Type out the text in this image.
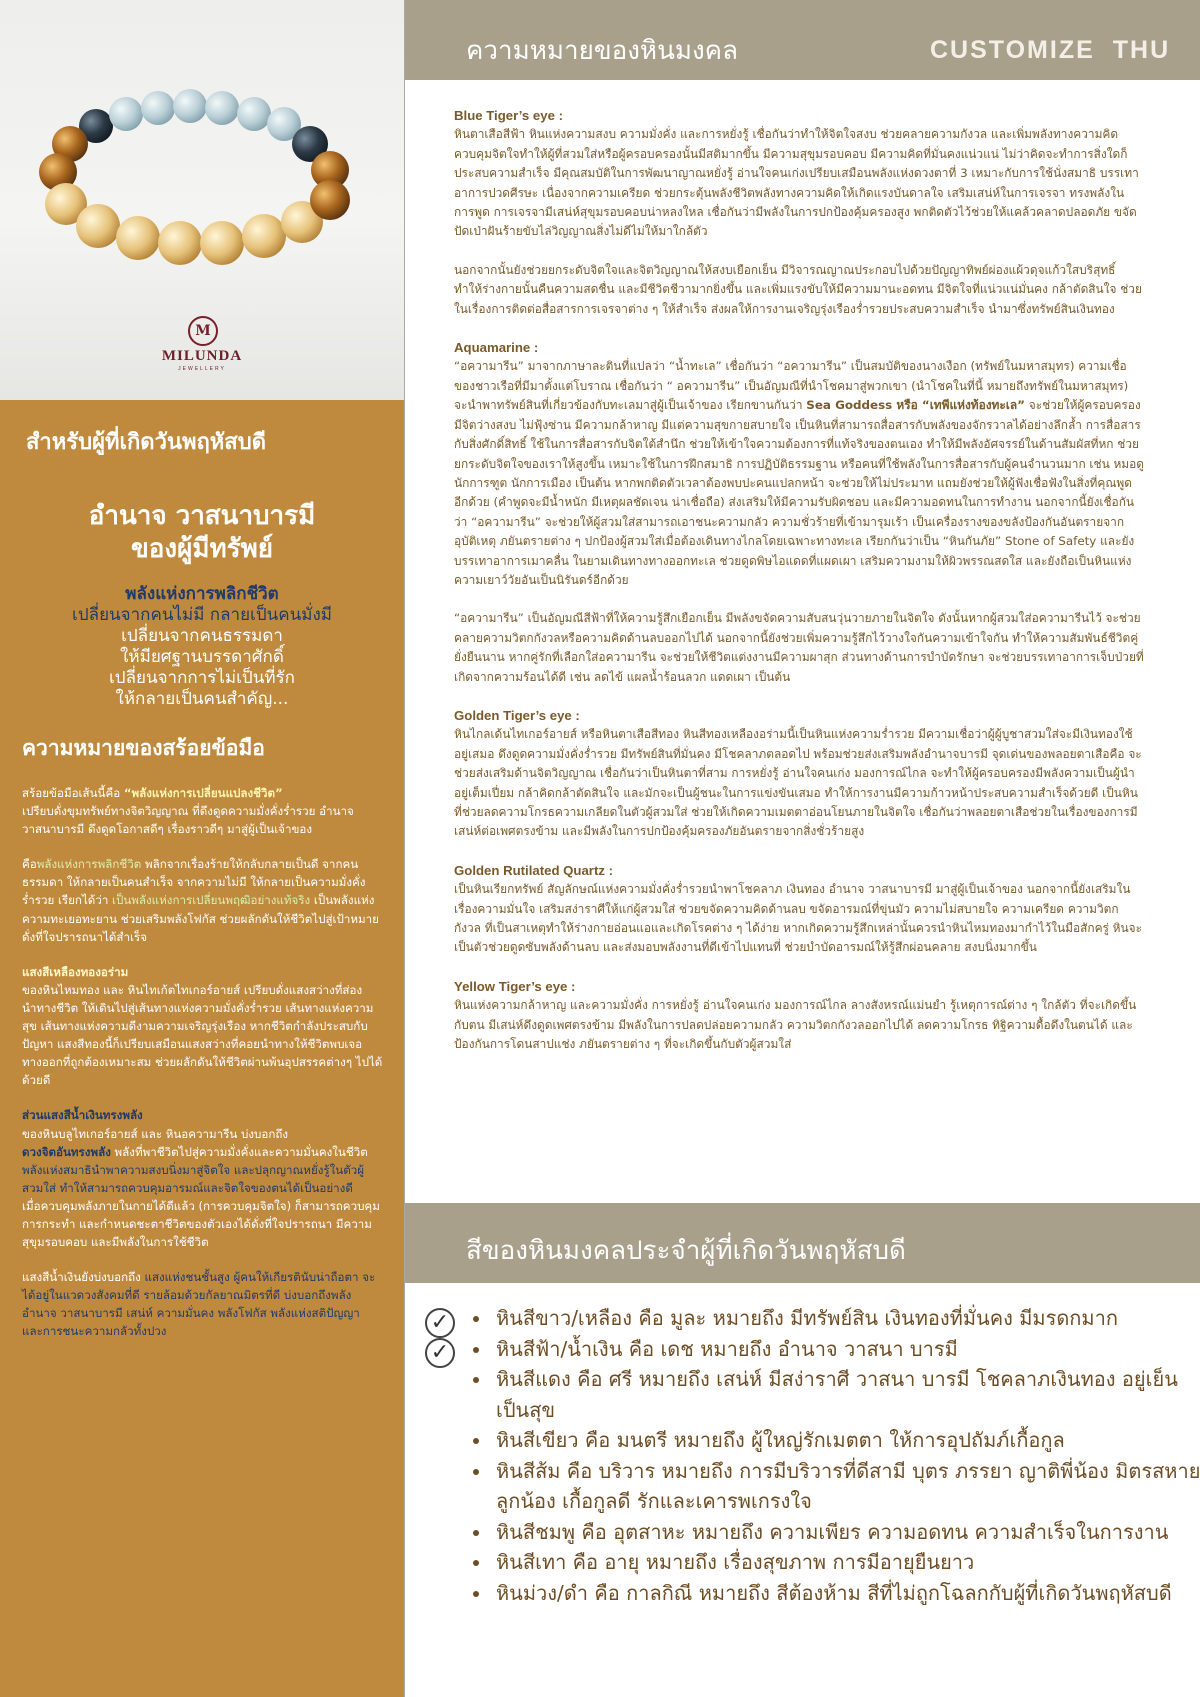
M
MILUNDA
JEWELLERY
สำหรับผู้ที่เกิดวันพฤหัสบดี
อำนาจ วาสนาบารมี
ของผู้มีทรัพย์
พลังแห่งการพลิกชีวิต
เปลี่ยนจากคนไม่มี กลายเป็นคนมั่งมี
เปลี่ยนจากคนธรรมดา
ให้มียศฐานบรรดาศักดิ์
เปลี่ยนจากการไม่เป็นที่รัก
ให้กลายเป็นคนสำคัญ...
ความหมายของสร้อยข้อมือ

สร้อยข้อมือเส้นนี้คือ “พลังแห่งการเปลี่ยนแปลงชีวิต”
เปรียบดั่งขุมทรัพย์ทางจิตวิญญาณ ที่ดึงดูดความมั่งคั่งร่ำรวย อำนาจ วาสนาบารมี ดึงดูดโอกาสดีๆ เรื่องราวดีๆ มาสู่ผู้เป็นเจ้าของ

คือพลังแห่งการพลิกชีวิต พลิกจากเรื่องร้ายให้กลับกลายเป็นดี จากคนธรรมดา ให้กลายเป็นคนสำเร็จ จากความไม่มี ให้กลายเป็นความมั่งคั่งร่ำรวย เรียกได้ว่า เป็นพลังแห่งการเปลี่ยนพฤฒิอย่างแท้จริง เป็นพลังแห่งความทะเยอทะยาน ช่วยเสริมพลังโฟกัส ช่วยผลักดันให้ชีวิตไปสู่เป้าหมายดั่งที่ใจปรารถนาได้สำเร็จ

แสงสีเหลืองทองอร่าม
ของหินไหมทอง และ หินไทเก้ตไทเกอร์อายส์ เปรียบดั่งแสงสว่างที่ส่องนำทางชีวิต ให้เดินไปสู่เส้นทางแห่งความมั่งคั่งร่ำรวย เส้นทางแห่งความสุข เส้นทางแห่งความดีงามความเจริญรุ่งเรือง หากชีวิตกำลังประสบกับปัญหา แสงสีทองนี้ก็เปรียบเสมือนแสงสว่างที่คอยนำทางให้ชีวิตพบเจอทางออกที่ถูกต้องเหมาะสม ช่วยผลักดันให้ชีวิตผ่านพ้นอุปสรรคต่างๆ ไปได้ด้วยดี

ส่วนแสงสีน้ำเงินทรงพลัง
ของหินบลูไทเกอร์อายส์ และ หินอความารีน บ่งบอกถึง
ดวงจิตอันทรงพลัง พลังที่พาชีวิตไปสู่ความมั่งคั่งและความมั่นคงในชีวิต พลังแห่งสมาธินำพาความสงบนิ่งมาสู่จิตใจ และปลุกญาณหยั่งรู้ในตัวผู้สวมใส่ ทำให้สามารถควบคุมอารมณ์และจิตใจของตนได้เป็นอย่างดี
เมื่อควบคุมพลังภายในกายได้ดีแล้ว (การควบคุมจิตใจ) ก็สามารถควบคุมการกระทำ และกำหนดชะตาชีวิตของตัวเองได้ดั่งที่ใจปรารถนา มีความสุขุมรอบคอบ และมีพลังในการใช้ชีวิต

แสงสีน้ำเงินยังบ่งบอกถึง แสงแห่งชนชั้นสูง ผู้คนให้เกียรตินับน่าถือตา จะได้อยู่ในแวดวงสังคมที่ดี รายล้อมด้วยกัลยาณมิตรที่ดี บ่งบอกถึงพลังอำนาจ วาสนาบารมี เสน่ห์ ความมั่นคง พลังโฟกัส พลังแห่งสติปัญญา และการชนะความกลัวทั้งปวง

ความหมายของหินมงคล	CUSTOMIZE THU
Blue Tiger’s eye :

หินตาเสือสีฟ้า หินแห่งความสงบ ความมั่งคั่ง และการหยั่งรู้ เชื่อกันว่าทำให้จิตใจสงบ ช่วยคลายความกังวล และเพิ่มพลังทางความคิด ควบคุมจิตใจทำให้ผู้ที่สวมใส่หรือผู้ครอบครองนั้นมีสติมากขึ้น มีความสุขุมรอบคอบ มีความคิดที่มั่นคงแน่วแน่ ไม่ว่าคิดจะทำการสิ่งใดก็ประสบความสำเร็จ มีคุณสมบัติในการพัฒนาญาณหยั่งรู้ อ่านใจคนเก่งเปรียบเสมือนพลังแห่งดวงตาที่ 3 เหมาะกับการใช้นั่งสมาธิ บรรเทาอาการปวดศีรษะ เนื่องจากความเครียด ช่วยกระตุ้นพลังชีวิตพลังทางความคิดให้เกิดแรงบันดาลใจ เสริมเสน่ห์ในการเจรจา ทรงพลังในการพูด การเจรจามีเสน่ห์สุขุมรอบคอบน่าหลงใหล เชื่อกันว่ามีพลังในการปกป้องคุ้มครองสูง พกติดตัวไว้ช่วยให้แคล้วคลาดปลอดภัย ขจัดปัดเป่าฝันร้ายขับไล่วิญญาณสิ่งไม่ดีไม่ให้มาใกล้ตัว

นอกจากนั้นยังช่วยยกระดับจิตใจและจิตวิญญาณให้สงบเยือกเย็น มีวิจารณญาณประกอบไปด้วยปัญญาทิพย์ผ่องแผ้วดุจแก้วใสบริสุทธิ์ ทำให้ร่างกายนั้นคืนความสดชื่น และมีชีวิตชีวามากยิ่งขึ้น และเพิ่มแรงขับให้มีความมานะอดทน มีจิตใจที่แน่วแน่มั่นคง กล้าตัดสินใจ ช่วยในเรื่องการติดต่อสื่อสารการเจรจาต่าง ๆ ให้สำเร็จ ส่งผลให้การงานเจริญรุ่งเรืองร่ำรวยประสบความสำเร็จ นำมาซึ่งทรัพย์สินเงินทอง

Aquamarine :

“อความารีน” มาจากภาษาละตินที่แปลว่า “น้ำทะเล” เชื่อกันว่า “อความารีน” เป็นสมบัติของนางเงือก (ทรัพย์ในมหาสมุทร) ความเชื่อของชาวเรือที่มีมาตั้งแต่โบราณ เชื่อกันว่า “ อความารีน” เป็นอัญมณีที่นำโชคมาสู่พวกเขา (นำโชคในที่นี้ หมายถึงทรัพย์ในมหาสมุทร) จะนำพาทรัพย์สินที่เกี่ยวข้องกับทะเลมาสู่ผู้เป็นเจ้าของ เรียกขานกันว่า Sea Goddess หรือ “เทพีแห่งท้องทะเล” จะช่วยให้ผู้ครอบครองมีจิตว่างสงบ ไม่ฟุ้งซ่าน มีความกล้าหาญ มีแต่ความสุขกายสบายใจ เป็นหินที่สามารถสื่อสารกับพลังของจักรวาลได้อย่างลึกล้ำ การสื่อสารกับสิ่งศักดิ์สิทธิ์ ใช้ในการสื่อสารกับจิตใต้สำนึก ช่วยให้เข้าใจความต้องการที่แท้จริงของตนเอง ทำให้มีพลังอัศจรรย์ในด้านสัมผัสที่หก ช่วยยกระดับจิตใจของเราให้สูงขึ้น เหมาะใช้ในการฝึกสมาธิ การปฏิบัติธรรมฐาน หรือคนที่ใช้พลังในการสื่อสารกับผู้คนจำนวนมาก เช่น หมอดู นักการฑูต นักการเมือง เป็นต้น หากพกติดตัวเวลาต้องพบปะคนแปลกหน้า จะช่วยให้ไม่ประมาท แถมยังช่วยให้ผู้ฟังเชื่อฟังในสิ่งที่คุณพูดอีกด้วย (คำพูดจะมีน้ำหนัก มีเหตุผลชัดเจน น่าเชื่อถือ) ส่งเสริมให้มีความรับผิดชอบ และมีความอดทนในการทำงาน นอกจากนี้ยังเชื่อกันว่า “อความารีน” จะช่วยให้ผู้สวมใส่สามารถเอาชนะความกลัว ความชั่วร้ายที่เข้ามารุมเร้า เป็นเครื่องรางของขลังป้องกันอันตรายจากอุบัติเหตุ ภยันตรายต่าง ๆ ปกป้องผู้สวมใส่เมื่อต้องเดินทางไกลโดยเฉพาะทางทะเล เรียกกันว่าเป็น “หินกันภัย” Stone of Safety และยังบรรเทาอาการเมาคลื่น ในยามเดินทางทางออกทะเล ช่วยดูดพิษไอแดดที่แผดเผา เสริมความงามให้ผิวพรรณสดใส และยังถือเป็นหินแห่งความเยาว์วัยอันเป็นนิรันดร์อีกด้วย

“อความารีน” เป็นอัญมณีสีฟ้าที่ให้ความรู้สึกเยือกเย็น มีพลังขจัดความสับสนวุ่นวายภายในจิตใจ ดังนั้นหากผู้สวมใส่อความารีนไว้ จะช่วยคลายความวิตกกังวลหรือความคิดด้านลบออกไปได้ นอกจากนี้ยังช่วยเพิ่มความรู้สึกไว้วางใจกันความเข้าใจกัน ทำให้ความสัมพันธ์ชีวิตคู่ยั่งยืนนาน หากคู่รักที่เลือกใส่อความารีน จะช่วยให้ชีวิตแต่งงานมีความผาสุก ส่วนทางด้านการบำบัดรักษา จะช่วยบรรเทาอาการเจ็บป่วยที่เกิดจากความร้อนได้ดี เช่น ลดไข้ แผลน้ำร้อนลวก แดดเผา เป็นต้น

Golden Tiger’s eye :

หินไกลเด้นไทเกอร์อายส์ หรือหินตาเสือสีทอง หินสีทองเหลืองอร่ามนี้เป็นหินแห่งความร่ำรวย มีความเชื่อว่าผู้ผู้บูชาสวมใส่จะมีเงินทองใช้อยู่เสมอ ดึงดูดความมั่งคั่งร่ำรวย มีทรัพย์สินที่มั่นคง มีโชคลาภตลอดไป พร้อมช่วยส่งเสริมพลังอำนาจบารมี จุดเด่นของพลอยตาเสือคือ จะช่วยส่งเสริมด้านจิตวิญญาณ เชื่อกันว่าเป็นหินตาที่สาม การหยั่งรู้ อ่านใจคนเก่ง มองการณ์ไกล จะทำให้ผู้ครอบครองมีพลังความเป็นผู้นำอยู่เต็มเปี่ยม กล้าคิดกล้าตัดสินใจ และมักจะเป็นผู้ชนะในการแข่งขันเสมอ ทำให้การงานมีความก้าวหน้าประสบความสำเร็จด้วยดี เป็นหินที่ช่วยลดความโกรธความเกลียดในตัวผู้สวมใส่ ช่วยให้เกิดความเมตตาอ่อนโยนภายในจิตใจ เชื่อกันว่าพลอยตาเสือช่วยในเรื่องของการมีเสน่ห์ต่อเพศตรงข้าม และมีพลังในการปกป้องคุ้มครองภัยอันตรายจากสิ่งชั่วร้ายสูง

Golden Rutilated Quartz :

เป็นหินเรียกทรัพย์ สัญลักษณ์แห่งความมั่งคั่งร่ำรวยนำพาโชคลาภ เงินทอง อำนาจ วาสนาบารมี มาสู่ผู้เป็นเจ้าของ นอกจากนี้ยังเสริมในเรื่องความมั่นใจ เสริมสง่าราศีให้แก่ผู้สวมใส่ ช่วยขจัดความคิดด้านลบ ขจัดอารมณ์ที่ขุ่นมัว ความไม่สบายใจ ความเครียด ความวิตกกังวล ที่เป็นสาเหตุทำให้ร่างกายอ่อนแอและเกิดโรคต่าง ๆ ได้ง่าย หากเกิดความรู้สึกเหล่านั้นควรนำหินไหมทองมากำไว้ในมือสักครู่ หินจะเป็นตัวช่วยดูดซับพลังด้านลบ และส่งมอบพลังงานที่ดีเข้าไปแทนที่ ช่วยบำบัดอารมณ์ให้รู้สึกผ่อนคลาย สงบนิ่งมากขึ้น

Yellow Tiger’s eye :

หินแห่งความกล้าหาญ และความมั่งคั่ง การหยั่งรู้ อ่านใจคนเก่ง มองการณ์ไกล ลางสังหรณ์แม่นยำ รู้เหตุการณ์ต่าง ๆ ใกล้ตัว ที่จะเกิดขึ้นกับตน มีเสน่ห์ดึงดูดเพศตรงข้าม มีพลังในการปลดปล่อยความกลัว ความวิตกกังวลออกไปได้ ลดความโกรธ ทิฐิความดื้อดึงในตนได้ และป้องกันการโดนสาปแช่ง ภยันตรายต่าง ๆ ที่จะเกิดขึ้นกับตัวผู้สวมใส่

สีของหินมงคลประจำผู้ที่เกิดวันพฤหัสบดี
✓
✓
• หินสีขาว/เหลือง คือ มูละ หมายถึง มีทรัพย์สิน เงินทองที่มั่นคง มีมรดกมาก
• หินสีฟ้า/น้ำเงิน คือ เดช หมายถึง อำนาจ วาสนา บารมี
• หินสีแดง คือ ศรี หมายถึง เสน่ห์ มีสง่าราศี วาสนา บารมี โชคลาภเงินทอง อยู่เย็นเป็นสุข
• หินสีเขียว คือ มนตรี หมายถึง ผู้ใหญ่รักเมตตา ให้การอุปถัมภ์เกื้อกูล
• หินสีส้ม คือ บริวาร หมายถึง การมีบริวารที่ดีสามี บุตร ภรรยา ญาติพี่น้อง มิตรสหาย ลูกน้อง เกื้อกูลดี รักและเคารพเกรงใจ
• หินสีชมพู คือ อุตสาหะ หมายถึง ความเพียร ความอดทน ความสำเร็จในการงาน
• หินสีเทา คือ อายุ หมายถึง เรื่องสุขภาพ การมีอายุยืนยาว
• หินม่วง/ดำ คือ กาลกิณี หมายถึง สีต้องห้าม สีที่ไม่ถูกโฉลกกับผู้ที่เกิดวันพฤหัสบดี
